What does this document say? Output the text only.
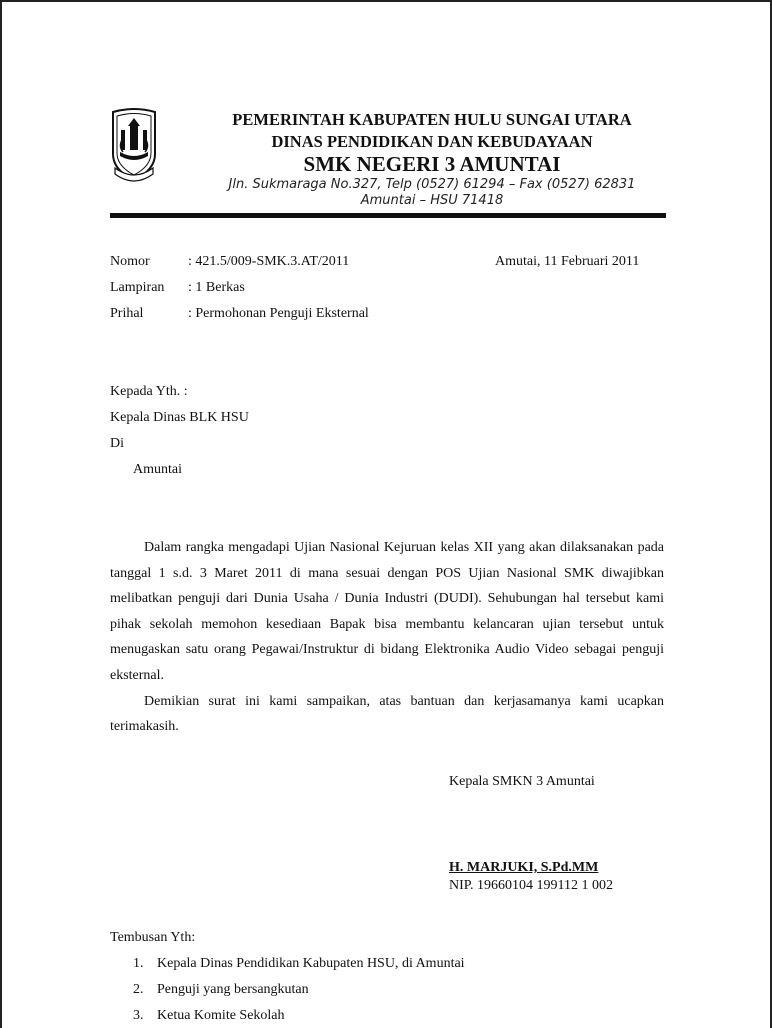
PEMERINTAH KABUPATEN HULU SUNGAI UTARA
DINAS PENDIDIKAN DAN KEBUDAYAAN
SMK NEGERI 3 AMUNTAI
Jln. Sukmaraga No.327, Telp (0527) 61294 – Fax (0527) 62831
Amuntai – HSU 71418
Nomor	: 421.5/009-SMK.3.AT/2011	Amutai, 11 Februari 2011
Lampiran : 1 Berkas
Prihal	: Permohonan Penguji Eksternal
Kepada Yth. :
Kepala Dinas BLK HSU
Di
Amuntai

Dalam rangka mengadapi Ujian Nasional Kejuruan kelas XII yang akan dilaksanakan pada tanggal 1 s.d. 3 Maret 2011 di mana sesuai dengan POS Ujian Nasional SMK diwajibkan melibatkan penguji dari Dunia Usaha / Dunia Industri (DUDI). Sehubungan hal tersebut kami pihak sekolah memohon kesediaan Bapak bisa membantu kelancaran ujian tersebut untuk menugaskan satu orang Pegawai/Instruktur di bidang Elektronika Audio Video sebagai penguji eksternal.

Demikian surat ini kami sampaikan, atas bantuan dan kerjasamanya kami ucapkan terimakasih.

Kepala SMKN 3 Amuntai
H. MARJUKI, S.Pd.MM
NIP. 19660104 199112 1 002
Tembusan Yth:
1. Kepala Dinas Pendidikan Kabupaten HSU, di Amuntai
2. Penguji yang bersangkutan
3. Ketua Komite Sekolah
